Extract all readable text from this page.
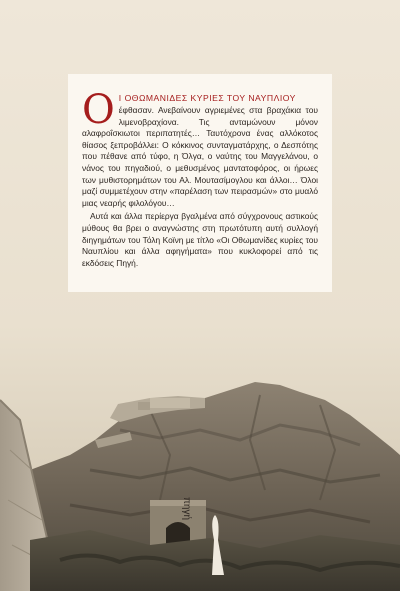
Ο Ι ΟΘΩΜΑΝΙΔΕΣ ΚΥΡΙΕΣ ΤΟΥ ΝΑΥΠΛΙΟΥ

έφθασαν. Ανεβαίνουν αγριεμένες στα βραχάκια του λιμενοβραχίονα. Τις ανταμώνουν μόνον αλαφροΐσκιωτοι περιπατητές… Ταυτόχρονα ένας αλλόκοτος θίασος ξεπροβάλλει: Ο κόκκινος συνταγματάρχης, ο Δεσπότης που πέθανε από τύφο, η Όλγα, ο ναύτης του Μαγγελάνου, ο νάνος του πηγαδιού, ο μεθυσμένος μαντατοφόρος, οι ήρωες των μυθιστορημάτων του Αλ. Μουτασίμογλου και άλλοι… Όλοι μαζί συμμετέχουν στην «παρέλαση των πειρασμών» στο μυαλό μιας νεαρής φιλολόγου…

Αυτά και άλλα περίεργα βγαλμένα από σύγχρονους αστικούς μύθους θα βρει ο αναγνώστης στη πρωτότυπη αυτή συλλογή διηγημάτων του Τόλη Κοϊνη με τίτλο «Οι Οθωμανίδες κυρίες του Ναυπλίου και άλλα αφηγήματα» που κυκλοφορεί από τις εκδόσεις Πηγή.

πηγή
